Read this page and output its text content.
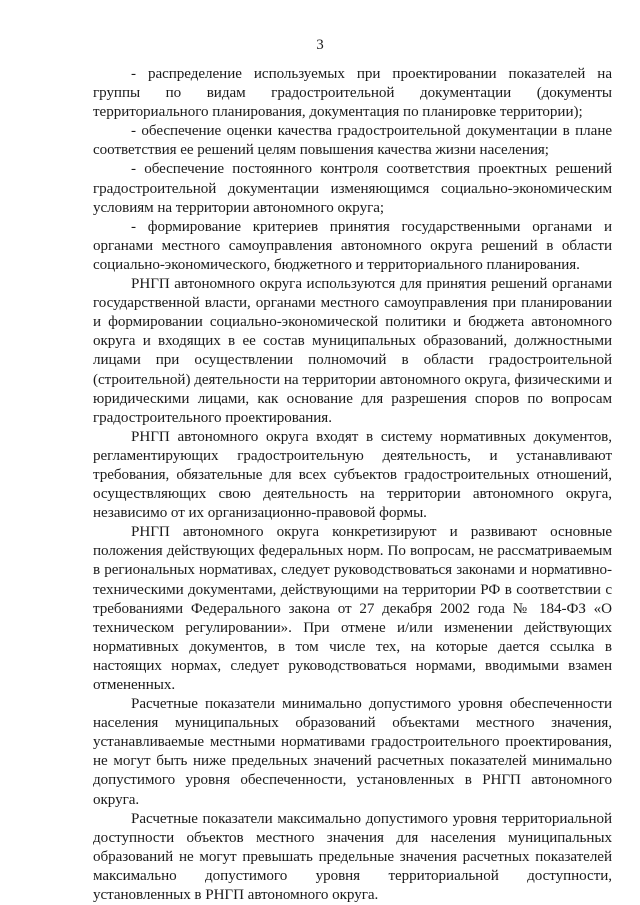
3

- распределение используемых при проектировании показателей на группы по видам градостроительной документации (документы территориального планирования, документация по планировке территории);

- обеспечение оценки качества градостроительной документации в плане соответствия ее решений целям повышения качества жизни населения;

- обеспечение постоянного контроля соответствия проектных решений градостроительной документации изменяющимся социально-экономическим условиям на территории автономного округа;

- формирование критериев принятия государственными органами и органами местного самоуправления автономного округа решений в области социально-экономического, бюджетного и территориального планирования.

РНГП автономного округа используются для принятия решений органами государственной власти, органами местного самоуправления при планировании и формировании социально-экономической политики и бюджета автономного округа и входящих в ее состав муниципальных образований, должностными лицами при осуществлении полномочий в области градостроительной (строительной) деятельности на территории автономного округа, физическими и юридическими лицами, как основание для разрешения споров по вопросам градостроительного проектирования.

РНГП автономного округа входят в систему нормативных документов, регламентирующих градостроительную деятельность, и устанавливают требования, обязательные для всех субъектов градостроительных отношений, осуществляющих свою деятельность на территории автономного округа, независимо от их организационно-правовой формы.

РНГП автономного округа конкретизируют и развивают основные положения действующих федеральных норм. По вопросам, не рассматриваемым в региональных нормативах, следует руководствоваться законами и нормативно-техническими документами, действующими на территории РФ в соответствии с требованиями Федерального закона от 27 декабря 2002 года № 184-ФЗ «О техническом регулировании». При отмене и/или изменении действующих нормативных документов, в том числе тех, на которые дается ссылка в настоящих нормах, следует руководствоваться нормами, вводимыми взамен отмененных.

Расчетные показатели минимально допустимого уровня обеспеченности населения муниципальных образований объектами местного значения, устанавливаемые местными нормативами градостроительного проектирования, не могут быть ниже предельных значений расчетных показателей минимально допустимого уровня обеспеченности, установленных в РНГП автономного округа.

Расчетные показатели максимально допустимого уровня территориальной доступности объектов местного значения для населения муниципальных образований не могут превышать предельные значения расчетных показателей максимально допустимого уровня территориальной доступности, установленных в РНГП автономного округа.
